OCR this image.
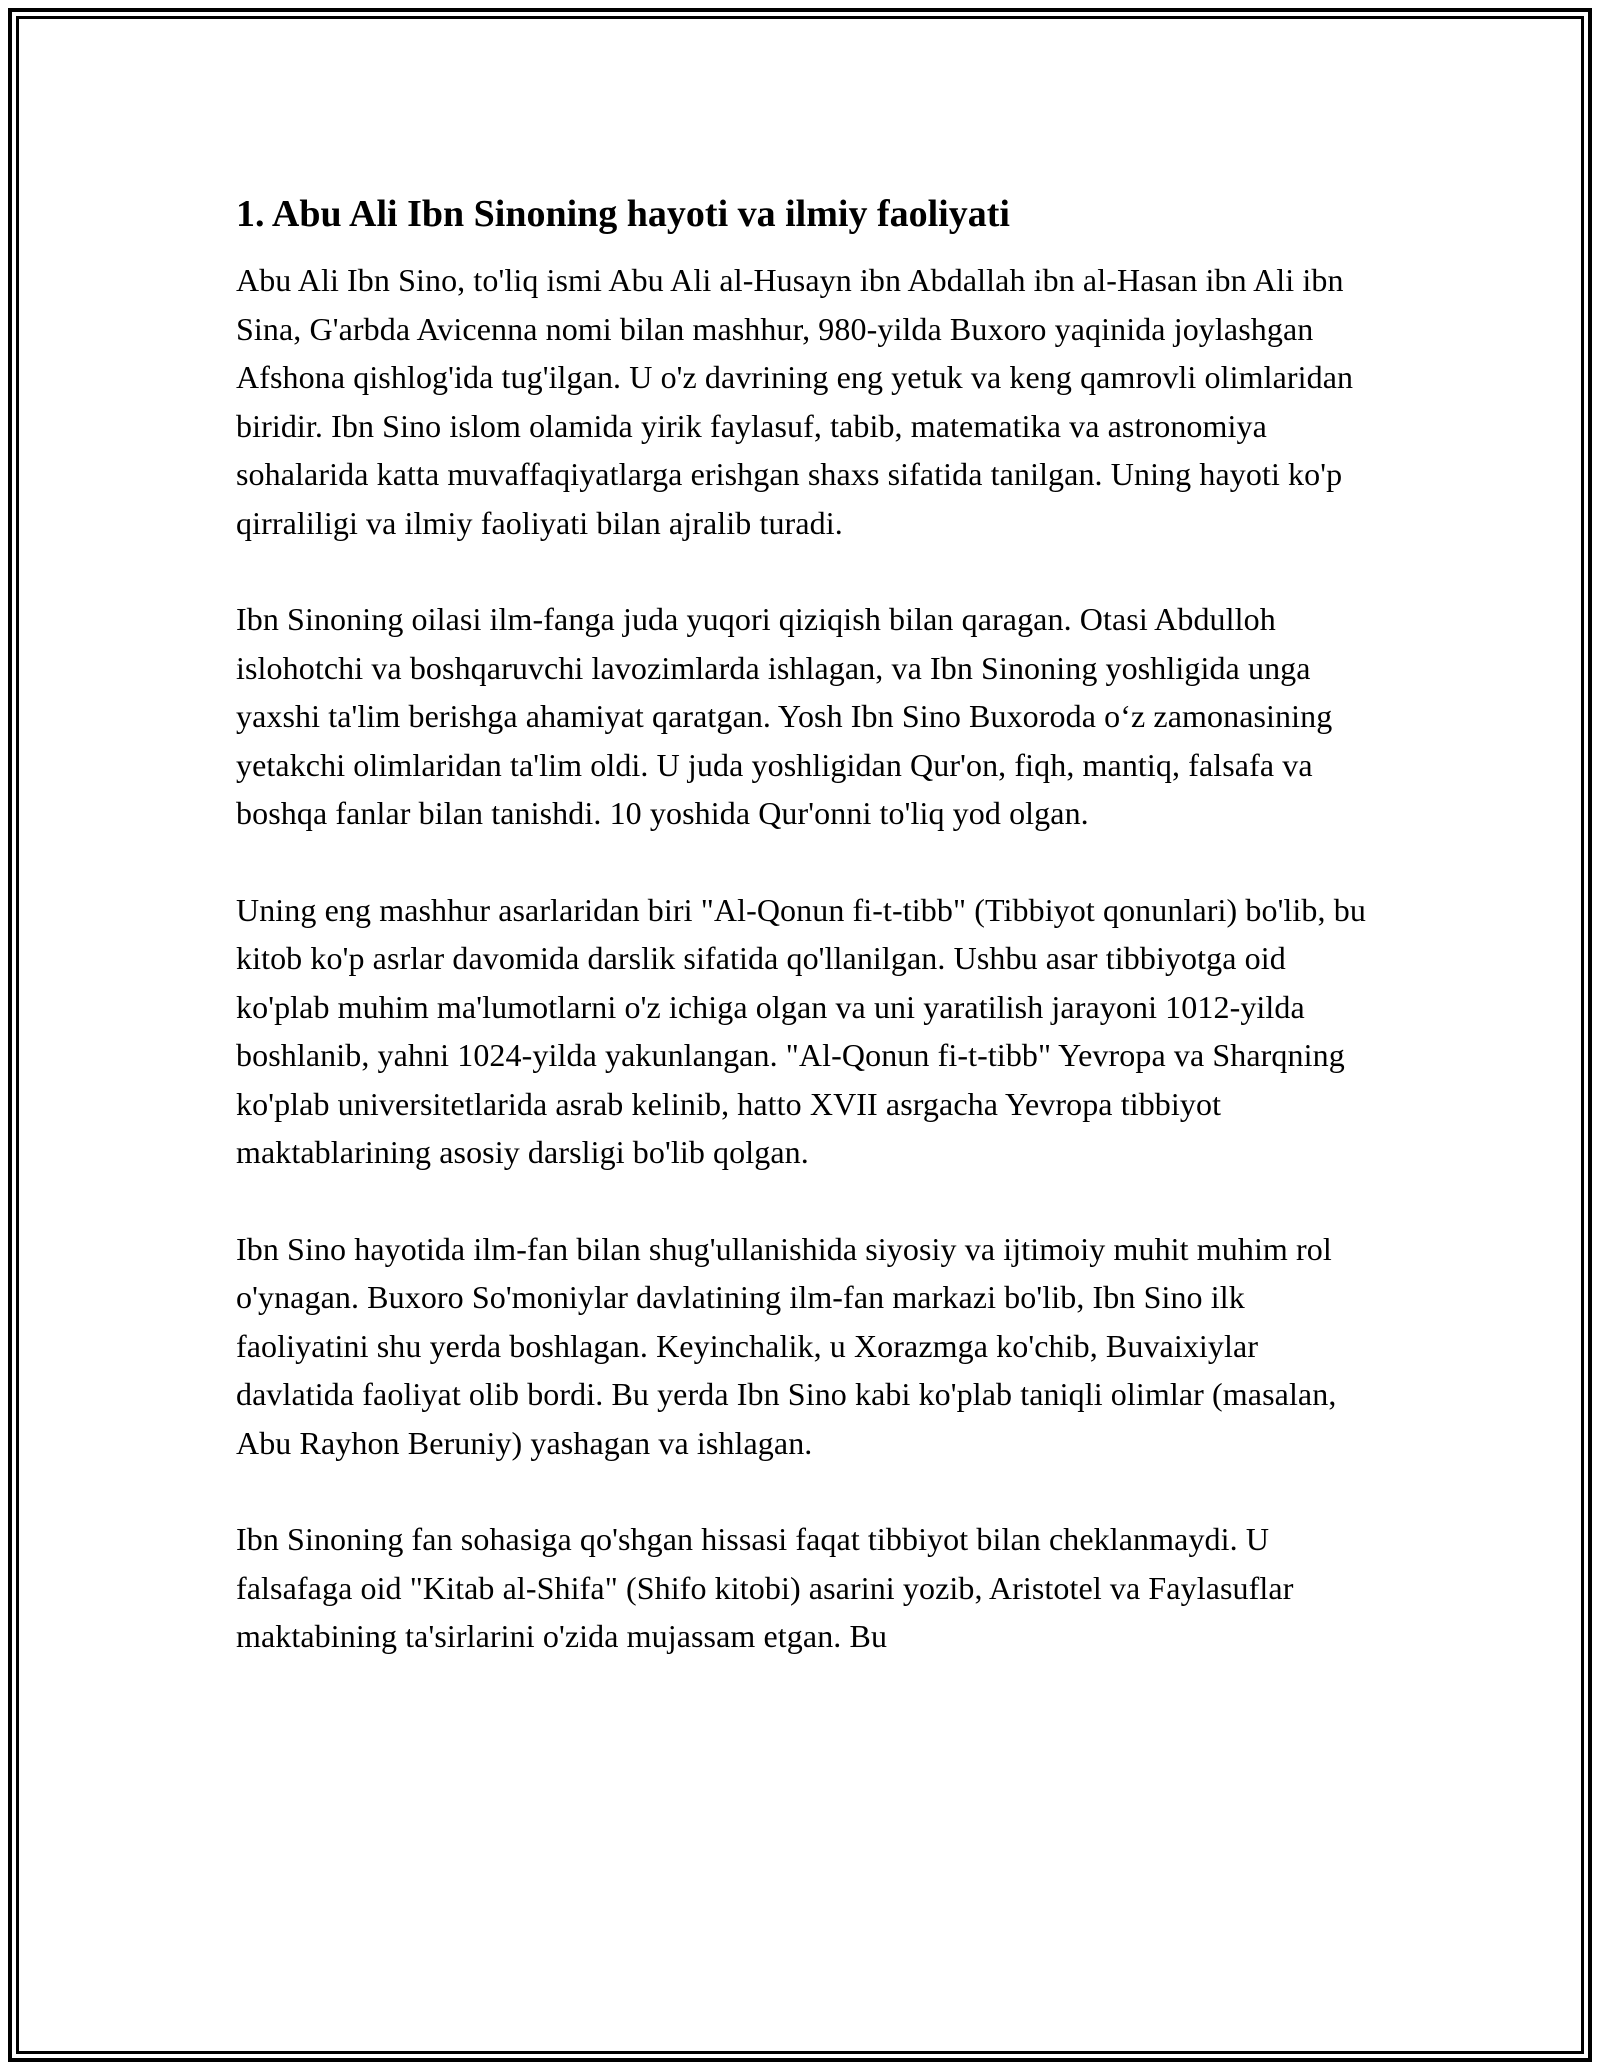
1. Abu Ali Ibn Sinoning hayoti va ilmiy faoliyati

Abu Ali Ibn Sino, to'liq ismi Abu Ali al-Husayn ibn Abdallah ibn al-Hasan ibn Ali ibn Sina, G'arbda Avicenna nomi bilan mashhur, 980-yilda Buxoro yaqinida joylashgan Afshona qishlog'ida tug'ilgan. U o'z davrining eng yetuk va keng qamrovli olimlaridan biridir. Ibn Sino islom olamida yirik faylasuf, tabib, matematika va astronomiya sohalarida katta muvaffaqiyatlarga erishgan shaxs sifatida tanilgan. Uning hayoti ko'p qirraliligi va ilmiy faoliyati bilan ajralib turadi.

Ibn Sinoning oilasi ilm-fanga juda yuqori qiziqish bilan qaragan. Otasi Abdulloh islohotchi va boshqaruvchi lavozimlarda ishlagan, va Ibn Sinoning yoshligida unga yaxshi ta'lim berishga ahamiyat qaratgan. Yosh Ibn Sino Buxoroda o‘z zamonasining yetakchi olimlaridan ta'lim oldi. U juda yoshligidan Qur'on, fiqh, mantiq, falsafa va boshqa fanlar bilan tanishdi. 10 yoshida Qur'onni to'liq yod olgan.

Uning eng mashhur asarlaridan biri "Al-Qonun fi-t-tibb" (Tibbiyot qonunlari) bo'lib, bu kitob ko'p asrlar davomida darslik sifatida qo'llanilgan. Ushbu asar tibbiyotga oid ko'plab muhim ma'lumotlarni o'z ichiga olgan va uni yaratilish jarayoni 1012-yilda boshlanib, yahni 1024-yilda yakunlangan. "Al-Qonun fi-t-tibb" Yevropa va Sharqning ko'plab universitetlarida asrab kelinib, hatto XVII asrgacha Yevropa tibbiyot maktablarining asosiy darsligi bo'lib qolgan.

Ibn Sino hayotida ilm-fan bilan shug'ullanishida siyosiy va ijtimoiy muhit muhim rol o'ynagan. Buxoro So'moniylar davlatining ilm-fan markazi bo'lib, Ibn Sino ilk faoliyatini shu yerda boshlagan. Keyinchalik, u Xorazmga ko'chib, Buvaixiylar davlatida faoliyat olib bordi. Bu yerda Ibn Sino kabi ko'plab taniqli olimlar (masalan, Abu Rayhon Beruniy) yashagan va ishlagan.

Ibn Sinoning fan sohasiga qo'shgan hissasi faqat tibbiyot bilan cheklanmaydi. U falsafaga oid "Kitab al-Shifa" (Shifo kitobi) asarini yozib, Aristotel va Faylasuflar maktabining ta'sirlarini o'zida mujassam etgan. Bu
